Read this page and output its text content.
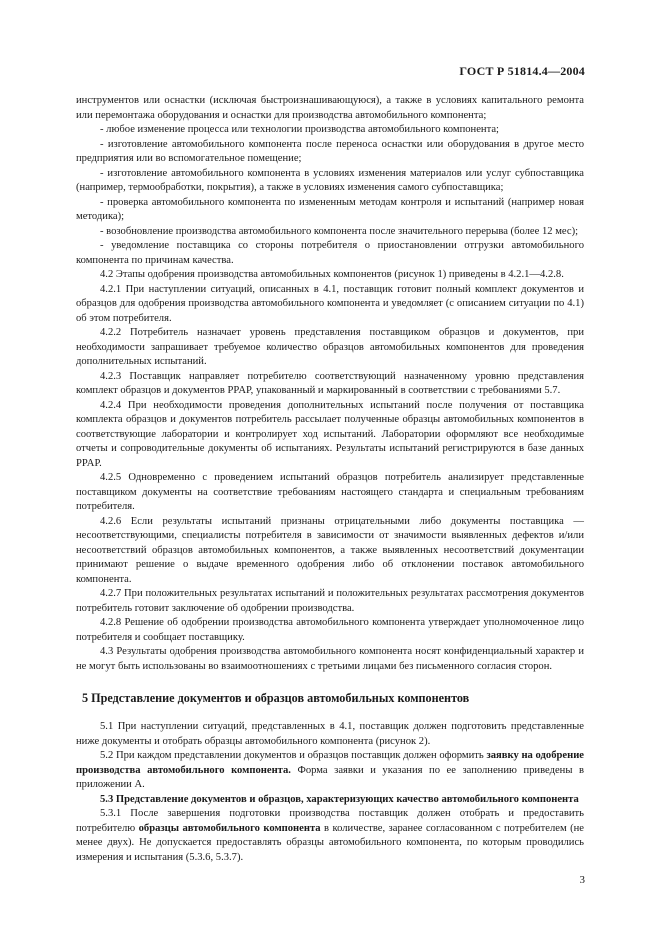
ГОСТ Р 51814.4—2004

инструментов или оснастки (исключая быстроизнашивающуюся), а также в условиях капитального ремонта или перемонтажа оборудования и оснастки для производства автомобильного компонента;

- любое изменение процесса или технологии производства автомобильного компонента;

- изготовление автомобильного компонента после переноса оснастки или оборудования в другое место предприятия или во вспомогательное помещение;

- изготовление автомобильного компонента в условиях изменения материалов или услуг субпоставщика (например, термообработки, покрытия), а также в условиях изменения самого субпоставщика;

- проверка автомобильного компонента по измененным методам контроля и испытаний (например новая методика);

- возобновление производства автомобильного компонента после значительного перерыва (более 12 мес);

- уведомление поставщика со стороны потребителя о приостановлении отгрузки автомобильного компонента по причинам качества.

4.2 Этапы одобрения производства автомобильных компонентов (рисунок 1) приведены в 4.2.1—4.2.8.

4.2.1 При наступлении ситуаций, описанных в 4.1, поставщик готовит полный комплект документов и образцов для одобрения производства автомобильного компонента и уведомляет (с описанием ситуации по 4.1) об этом потребителя.

4.2.2 Потребитель назначает уровень представления поставщиком образцов и документов, при необходимости запрашивает требуемое количество образцов автомобильных компонентов для проведения дополнительных испытаний.

4.2.3 Поставщик направляет потребителю соответствующий назначенному уровню представления комплект образцов и документов PPAP, упакованный и маркированный в соответствии с требованиями 5.7.

4.2.4 При необходимости проведения дополнительных испытаний после получения от поставщика комплекта образцов и документов потребитель рассылает полученные образцы автомобильных компонентов в соответствующие лаборатории и контролирует ход испытаний. Лаборатории оформляют все необходимые отчеты и сопроводительные документы об испытаниях. Результаты испытаний регистрируются в базе данных PPAP.

4.2.5 Одновременно с проведением испытаний образцов потребитель анализирует представленные поставщиком документы на соответствие требованиям настоящего стандарта и специальным требованиям потребителя.

4.2.6 Если результаты испытаний признаны отрицательными либо документы поставщика — несоответствующими, специалисты потребителя в зависимости от значимости выявленных дефектов и/или несоответствий образцов автомобильных компонентов, а также выявленных несоответствий документации принимают решение о выдаче временного одобрения либо об отклонении поставок автомобильного компонента.

4.2.7 При положительных результатах испытаний и положительных результатах рассмотрения документов потребитель готовит заключение об одобрении производства.

4.2.8 Решение об одобрении производства автомобильного компонента утверждает уполномоченное лицо потребителя и сообщает поставщику.

4.3 Результаты одобрения производства автомобильного компонента носят конфиденциальный характер и не могут быть использованы во взаимоотношениях с третьими лицами без письменного согласия сторон.

5 Представление документов и образцов автомобильных компонентов

5.1 При наступлении ситуаций, представленных в 4.1, поставщик должен подготовить представленные ниже документы и отобрать образцы автомобильного компонента (рисунок 2).

5.2 При каждом представлении документов и образцов поставщик должен оформить заявку на одобрение производства автомобильного компонента. Форма заявки и указания по ее заполнению приведены в приложении А.

5.3 Представление документов и образцов, характеризующих качество автомобильного компонента

5.3.1 После завершения подготовки производства поставщик должен отобрать и предоставить потребителю образцы автомобильного компонента в количестве, заранее согласованном с потребителем (не менее двух). Не допускается предоставлять образцы автомобильного компонента, по которым проводились измерения и испытания (5.3.6, 5.3.7).

3
